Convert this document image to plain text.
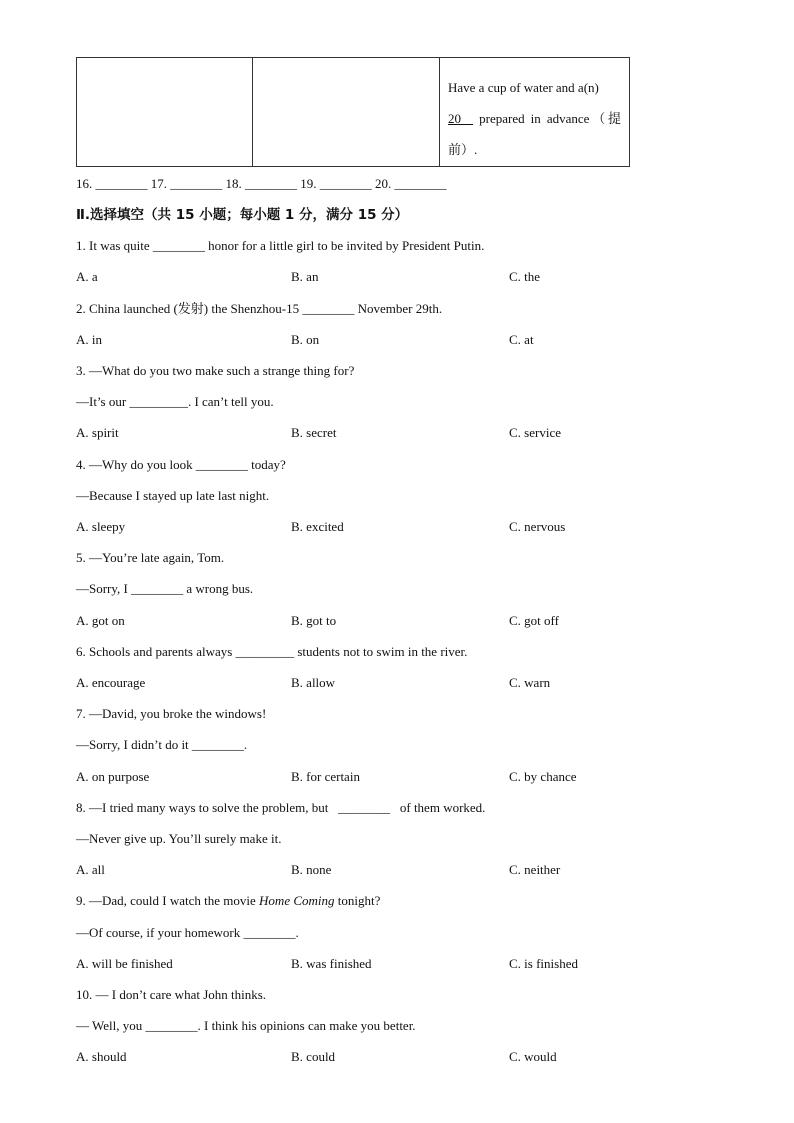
		Have a cup of water and a(n)
20   prepared in advance（提前）.
16. ________ 17. ________ 18. ________ 19. ________ 20. ________
Ⅱ.选择填空（共 15 小题；每小题 1 分，满分 15 分）
1. It was quite ________ honor for a little girl to be invited by President Putin.
A. a	B. an	C. the
2. China launched (发射) the Shenzhou-15 ________ November 29th.
A. in	B. on	C. at
3. —What do you two make such a strange thing for?
—It’s our _________. I can’t tell you.
A. spirit	B. secret	C. service
4. —Why do you look ________ today?
—Because I stayed up late last night.
A. sleepy	B. excited	C. nervous
5. —You’re late again, Tom.
—Sorry, I ________ a wrong bus.
A. got on	B. got to	C. got off
6. Schools and parents always _________ students not to swim in the river.
A. encourage	B. allow	C. warn
7. —David, you broke the windows!
—Sorry, I didn’t do it ________.
A. on purpose	B. for certain	C. by chance
8. —I tried many ways to solve the problem, but   ________   of them worked.
—Never give up. You’ll surely make it.
A. all	B. none	C. neither
9. —Dad, could I watch the movie Home Coming tonight?
—Of course, if your homework ________.
A. will be finished	B. was finished	C. is finished
10. — I don’t care what John thinks.
— Well, you ________. I think his opinions can make you better.
A. should	B. could	C. would
